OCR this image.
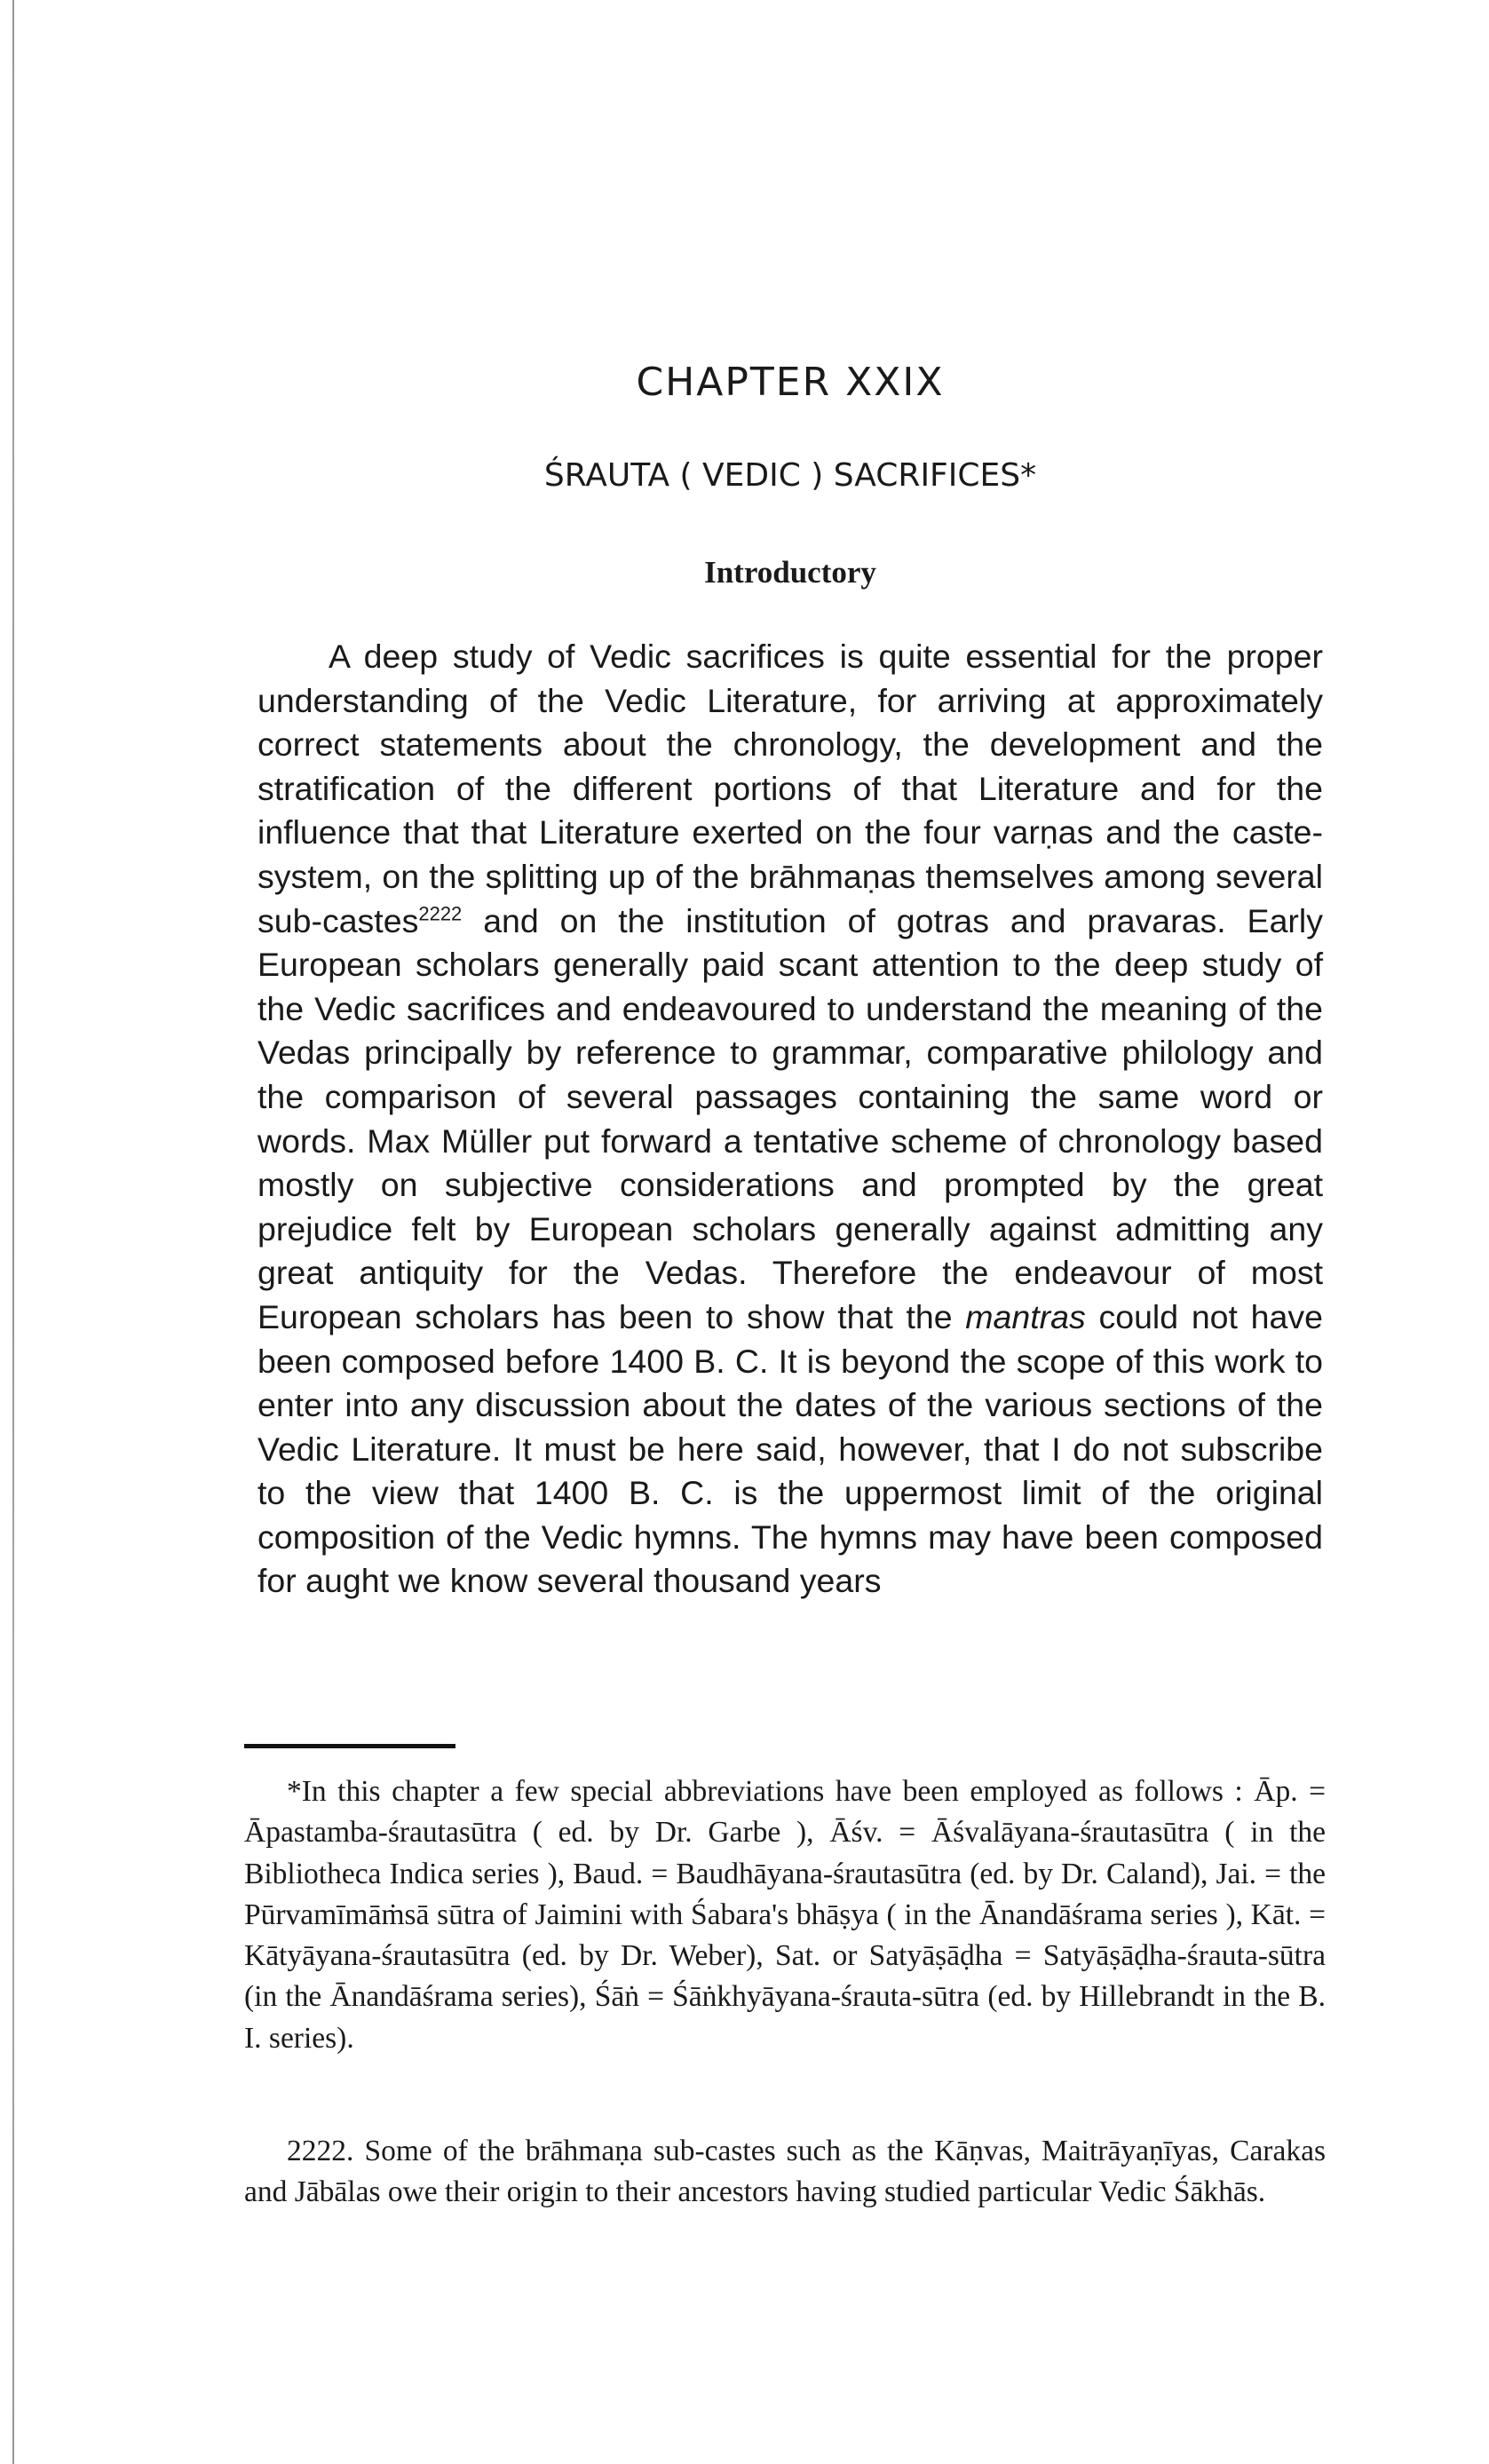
CHAPTER XXIX
ŚRAUTA ( VEDIC ) SACRIFICES*
Introductory

A deep study of Vedic sacrifices is quite essential for the proper understanding of the Vedic Literature, for arriving at approximately correct statements about the chronology, the development and the stratification of the different portions of that Literature and for the influence that that Literature exerted on the four varṇas and the caste-system, on the splitting up of the brāhmaṇas themselves among several sub-castes$^{2222}$ and on the institution of gotras and pravaras. Early European scholars generally paid scant attention to the deep study of the Vedic sacrifices and endeavoured to understand the meaning of the Vedas principally by reference to grammar, comparative philology and the comparison of several passages containing the same word or words. Max Müller put forward a tentative scheme of chronology based mostly on subjective considerations and prompted by the great prejudice felt by European scholars generally against admitting any great antiquity for the Vedas. Therefore the endeavour of most European scholars has been to show that the mantras could not have been composed before 1400 B. C. It is beyond the scope of this work to enter into any discussion about the dates of the various sections of the Vedic Literature. It must be here said, however, that I do not subscribe to the view that 1400 B. C. is the uppermost limit of the original composition of the Vedic hymns. The hymns may have been composed for aught we know several thousand years

*In this chapter a few special abbreviations have been employed as follows : Āp. = Āpastamba-śrautasūtra ( ed. by Dr. Garbe ), Āśv. = Āśvalāyana-śrautasūtra ( in the Bibliotheca Indica series ), Baud. = Baudhāyana-śrautasūtra (ed. by Dr. Caland), Jai. = the Pūrvamīmāṁsā sūtra of Jaimini with Śabara's bhāṣya ( in the Ānandāśrama series ), Kāt. = Kātyāyana-śrautasūtra (ed. by Dr. Weber), Sat. or Satyāṣāḍha = Satyāṣāḍha-śrauta-sūtra (in the Ānandāśrama series), Śāṅ = Śāṅkhyāyana-śrauta-sūtra (ed. by Hillebrandt in the B. I. series).

2222. Some of the brāhmaṇa sub-castes such as the Kāṇvas, Maitrāyaṇīyas, Carakas and Jābālas owe their origin to their ancestors having studied particular Vedic Śākhās.
